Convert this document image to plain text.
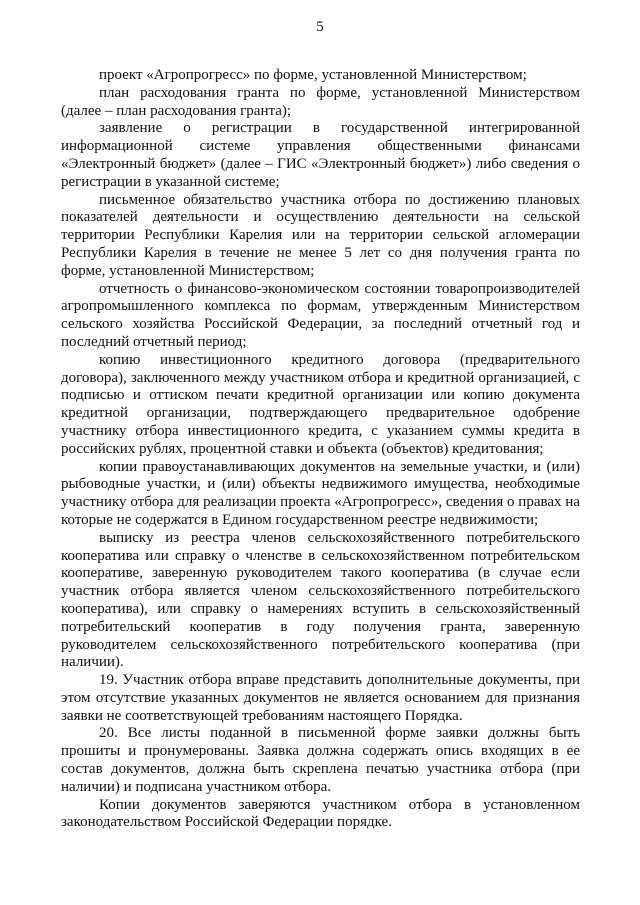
5

проект «Агропрогресс» по форме, установленной Министерством;

план расходования гранта по форме, установленной Министерством (далее – план расходования гранта);

заявление о регистрации в государственной интегрированной информационной системе управления общественными финансами «Электронный бюджет» (далее – ГИС «Электронный бюджет») либо сведения о регистрации в указанной системе;

письменное обязательство участника отбора по достижению плановых показателей деятельности и осуществлению деятельности на сельской территории Республики Карелия или на территории сельской агломерации Республики Карелия в течение не менее 5 лет со дня получения гранта по форме, установленной Министерством;

отчетность о финансово-экономическом состоянии товаропроизводителей агропромышленного комплекса по формам, утвержденным Министерством сельского хозяйства Российской Федерации, за последний отчетный год и последний отчетный период;

копию инвестиционного кредитного договора (предварительного договора), заключенного между участником отбора и кредитной организацией, с подписью и оттиском печати кредитной организации или копию документа кредитной организации, подтверждающего предварительное одобрение участнику отбора инвестиционного кредита, с указанием суммы кредита в российских рублях, процентной ставки и объекта (объектов) кредитования;

копии правоустанавливающих документов на земельные участки, и (или) рыбоводные участки, и (или) объекты недвижимого имущества, необходимые участнику отбора для реализации проекта «Агропрогресс», сведения о правах на которые не содержатся в Едином государственном реестре недвижимости;

выписку из реестра членов сельскохозяйственного потребительского кооператива или справку о членстве в сельскохозяйственном потребительском кооперативе, заверенную руководителем такого кооператива (в случае если участник отбора является членом сельскохозяйственного потребительского кооператива), или справку о намерениях вступить в сельскохозяйственный потребительский кооператив в году получения гранта, заверенную руководителем сельскохозяйственного потребительского кооператива (при наличии).

19. Участник отбора вправе представить дополнительные документы, при этом отсутствие указанных документов не является основанием для признания заявки не соответствующей требованиям настоящего Порядка.

20. Все листы поданной в письменной форме заявки должны быть прошиты и пронумерованы. Заявка должна содержать опись входящих в ее состав документов, должна быть скреплена печатью участника отбора (при наличии) и подписана участником отбора.

Копии документов заверяются участником отбора в установленном законодательством Российской Федерации порядке.
